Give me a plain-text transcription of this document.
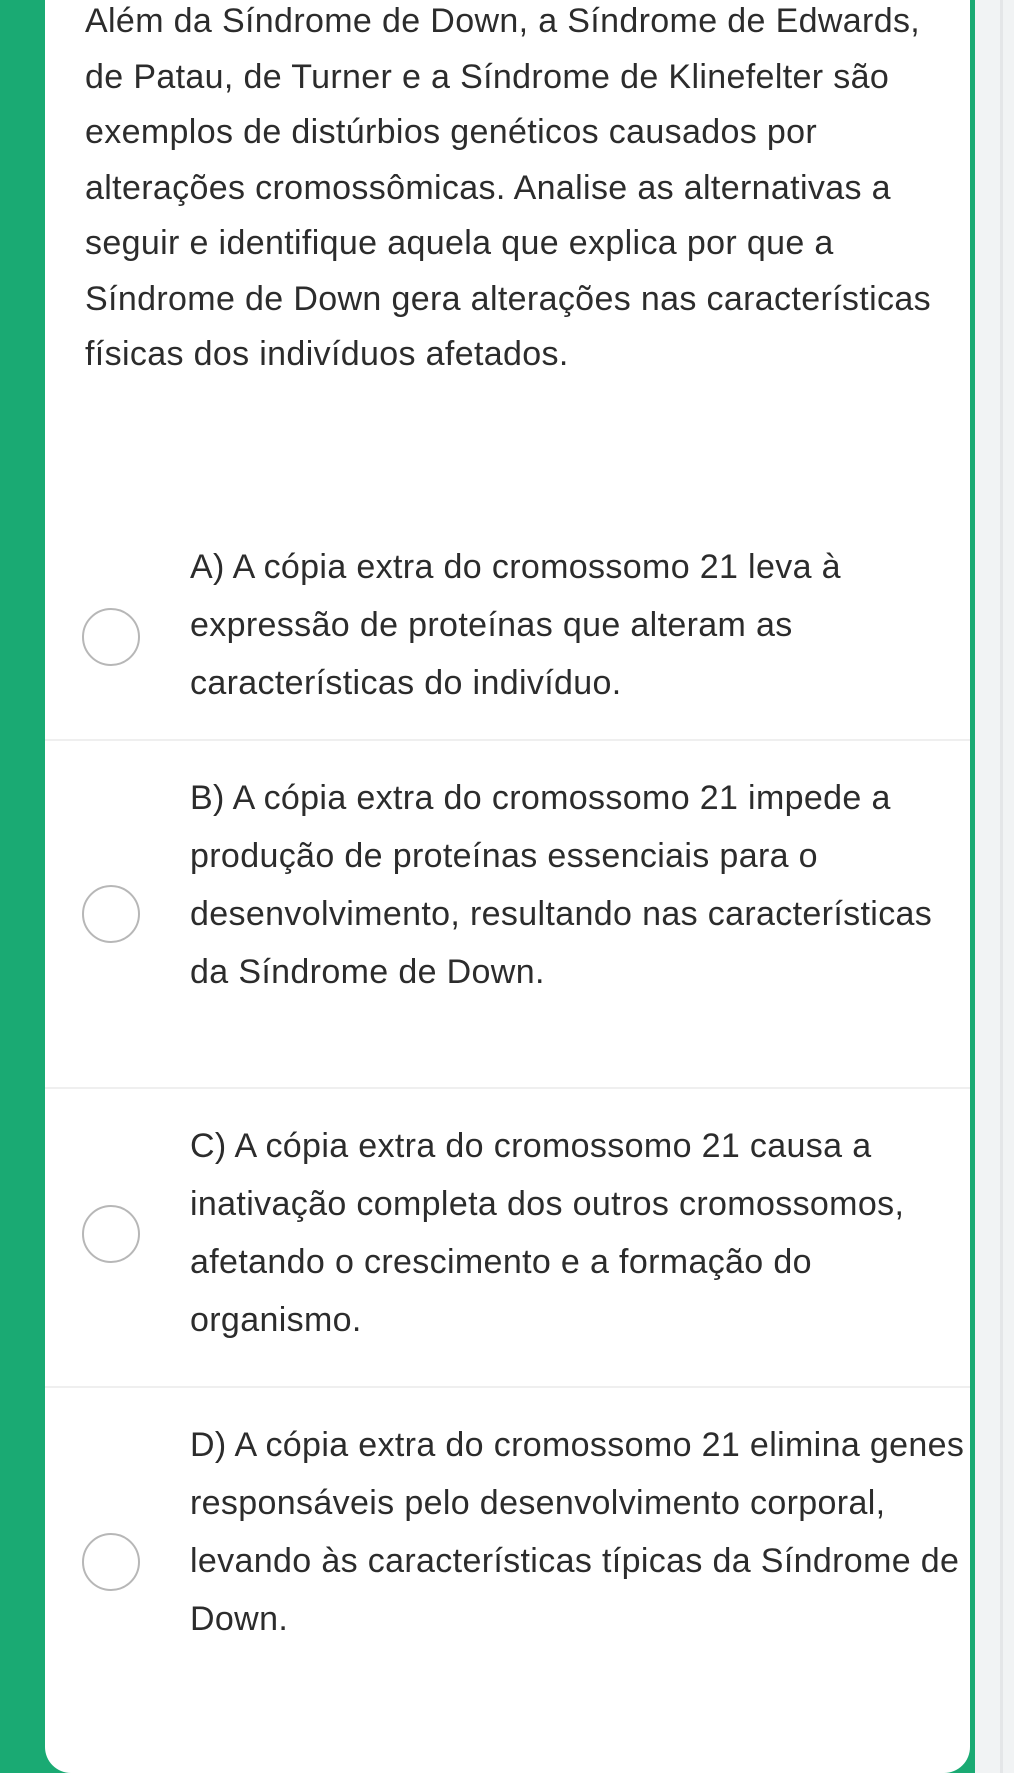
Além da Síndrome de Down, a Síndrome de Edwards, de Patau, de Turner e a Síndrome de Klinefelter são exemplos de distúrbios genéticos causados por alterações cromossômicas. Analise as alternativas a seguir e identifique aquela que explica por que a Síndrome de Down gera alterações nas características físicas dos indivíduos afetados.

A) A cópia extra do cromossomo 21 leva à expressão de proteínas que alteram as características do indivíduo.

B) A cópia extra do cromossomo 21 impede a produção de proteínas essenciais para o desenvolvimento, resultando nas características da Síndrome de Down.

C) A cópia extra do cromossomo 21 causa a inativação completa dos outros cromossomos, afetando o crescimento e a formação do organismo.

D) A cópia extra do cromossomo 21 elimina genes responsáveis pelo desenvolvimento corporal, levando às características típicas da Síndrome de Down.
